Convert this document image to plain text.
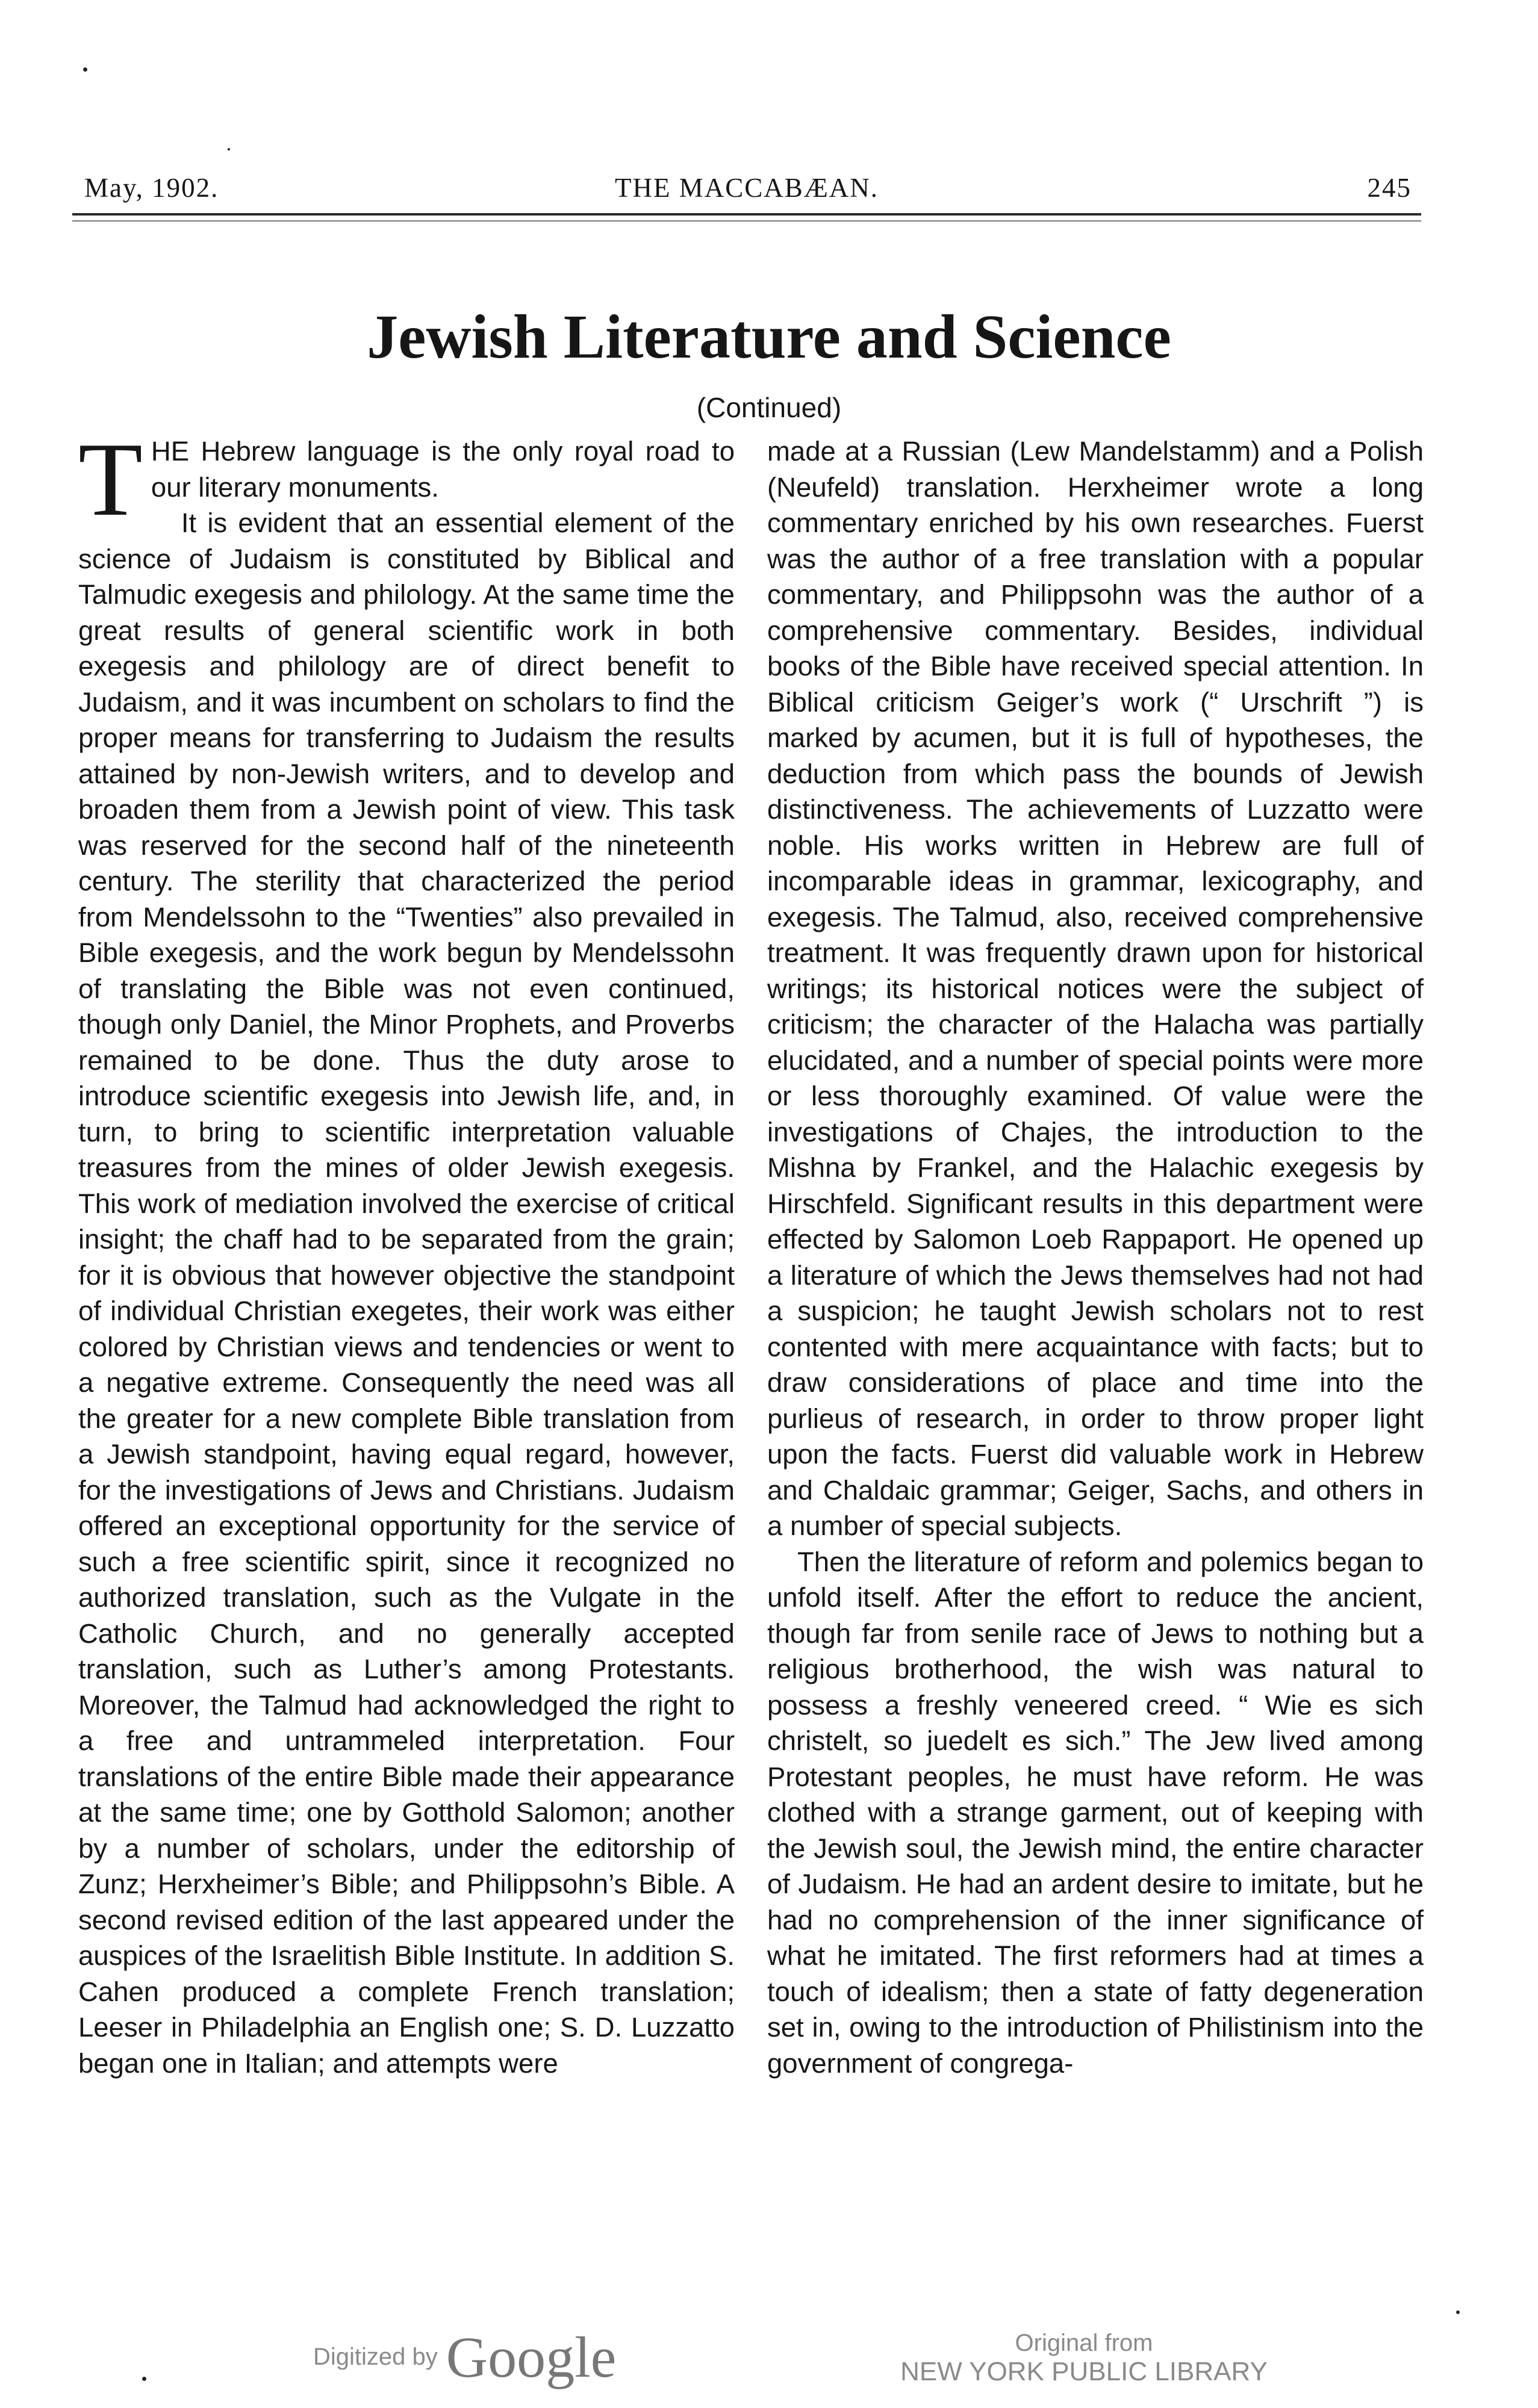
May, 1902.	THE MACCABÆAN.	245
Jewish Literature and Science
(Continued)

THE Hebrew language is the only royal road to our literary monuments.

It is evident that an essential element of the science of Judaism is constituted by Biblical and Talmudic exegesis and philology. At the same time the great results of general scientific work in both exegesis and philology are of direct benefit to Judaism, and it was incumbent on scholars to find the proper means for transferring to Judaism the results attained by non-Jewish writers, and to develop and broaden them from a Jewish point of view. This task was reserved for the second half of the nineteenth century. The sterility that characterized the period from Mendelssohn to the “Twenties” also prevailed in Bible exegesis, and the work begun by Mendelssohn of translating the Bible was not even continued, though only Daniel, the Minor Prophets, and Proverbs remained to be done. Thus the duty arose to introduce scientific exegesis into Jewish life, and, in turn, to bring to scientific interpretation valuable treasures from the mines of older Jewish exegesis. This work of mediation involved the exercise of critical insight; the chaff had to be separated from the grain; for it is obvious that however objective the standpoint of individual Christian exegetes, their work was either colored by Christian views and tendencies or went to a negative extreme. Consequently the need was all the greater for a new complete Bible translation from a Jewish standpoint, having equal regard, however, for the investigations of Jews and Christians. Judaism offered an exceptional opportunity for the service of such a free scientific spirit, since it recognized no authorized translation, such as the Vulgate in the Catholic Church, and no generally accepted translation, such as Luther’s among Protestants. Moreover, the Talmud had acknowledged the right to a free and untrammeled interpretation. Four translations of the entire Bible made their appearance at the same time; one by Gotthold Salomon; another by a number of scholars, under the editorship of Zunz; Herxheimer’s Bible; and Philippsohn’s Bible. A second revised edition of the last appeared under the auspices of the Israelitish Bible Institute. In addition S. Cahen produced a complete French translation; Leeser in Philadelphia an English one; S. D. Luzzatto began one in Italian; and attempts were

made at a Russian (Lew Mandelstamm) and a Polish (Neufeld) translation. Herxheimer wrote a long commentary enriched by his own researches. Fuerst was the author of a free translation with a popular commentary, and Philippsohn was the author of a comprehensive commentary. Besides, individual books of the Bible have received special attention. In Biblical criticism Geiger’s work (“ Urschrift ”) is marked by acumen, but it is full of hypotheses, the deduction from which pass the bounds of Jewish distinctiveness. The achievements of Luzzatto were noble. His works written in Hebrew are full of incomparable ideas in grammar, lexicography, and exegesis. The Talmud, also, received comprehensive treatment. It was frequently drawn upon for historical writings; its historical notices were the subject of criticism; the character of the Halacha was partially elucidated, and a number of special points were more or less thoroughly examined. Of value were the investigations of Chajes, the introduction to the Mishna by Frankel, and the Halachic exegesis by Hirschfeld. Significant results in this department were effected by Salomon Loeb Rappaport. He opened up a literature of which the Jews themselves had not had a suspicion; he taught Jewish scholars not to rest contented with mere acquaintance with facts; but to draw considerations of place and time into the purlieus of research, in order to throw proper light upon the facts. Fuerst did valuable work in Hebrew and Chaldaic grammar; Geiger, Sachs, and others in a number of special subjects.

Then the literature of reform and polemics began to unfold itself. After the effort to reduce the ancient, though far from senile race of Jews to nothing but a religious brotherhood, the wish was natural to possess a freshly veneered creed. “ Wie es sich christelt, so juedelt es sich.” The Jew lived among Protestant peoples, he must have reform. He was clothed with a strange garment, out of keeping with the Jewish soul, the Jewish mind, the entire character of Judaism. He had an ardent desire to imitate, but he had no comprehension of the inner significance of what he imitated. The first reformers had at times a touch of idealism; then a state of fatty degeneration set in, owing to the introduction of Philistinism into the government of congrega-

Digitized by Google	Original from
NEW YORK PUBLIC LIBRARY
